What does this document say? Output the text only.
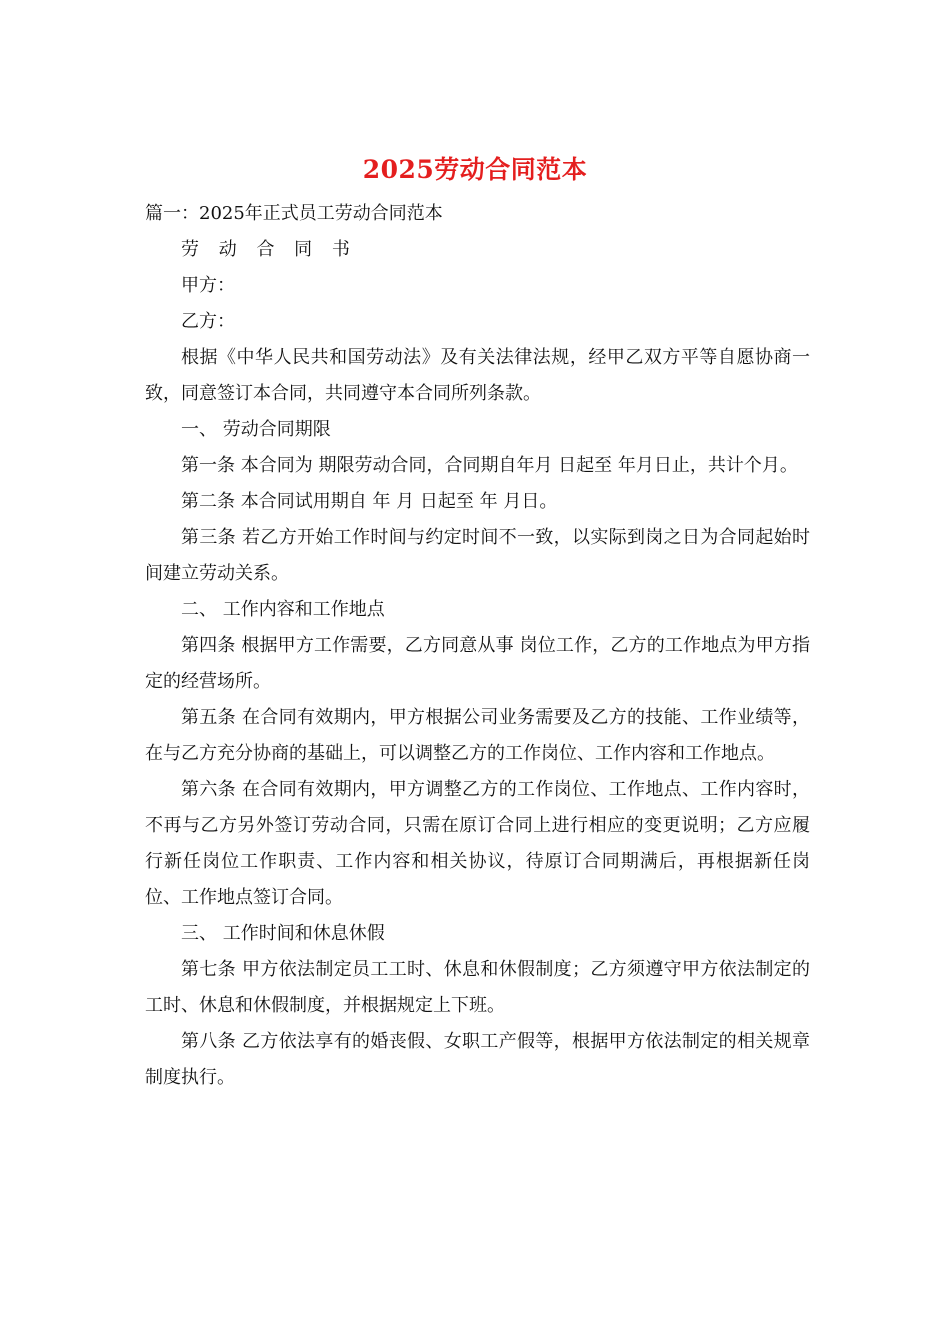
2025劳动合同范本
篇一：2025年正式员工劳动合同范本
劳 动 合 同 书
甲方：
乙方：

根据《中华人民共和国劳动法》及有关法律法规，经甲乙双方平等自愿协商一致，同意签订本合同，共同遵守本合同所列条款。

一、 劳动合同期限

第一条 本合同为 期限劳动合同，合同期自年月 日起至 年月日止，共计个月。

第二条 本合同试用期自 年 月 日起至 年 月日。

第三条 若乙方开始工作时间与约定时间不一致，以实际到岗之日为合同起始时间建立劳动关系。

二、 工作内容和工作地点

第四条 根据甲方工作需要，乙方同意从事 岗位工作，乙方的工作地点为甲方指定的经营场所。

第五条 在合同有效期内，甲方根据公司业务需要及乙方的技能、工作业绩等，在与乙方充分协商的基础上，可以调整乙方的工作岗位、工作内容和工作地点。

第六条 在合同有效期内，甲方调整乙方的工作岗位、工作地点、工作内容时，不再与乙方另外签订劳动合同，只需在原订合同上进行相应的变更说明；乙方应履行新任岗位工作职责、工作内容和相关协议，待原订合同期满后，再根据新任岗位、工作地点签订合同。

三、 工作时间和休息休假

第七条 甲方依法制定员工工时、休息和休假制度；乙方须遵守甲方依法制定的工时、休息和休假制度，并根据规定上下班。

第八条 乙方依法享有的婚丧假、女职工产假等，根据甲方依法制定的相关规章制度执行。
